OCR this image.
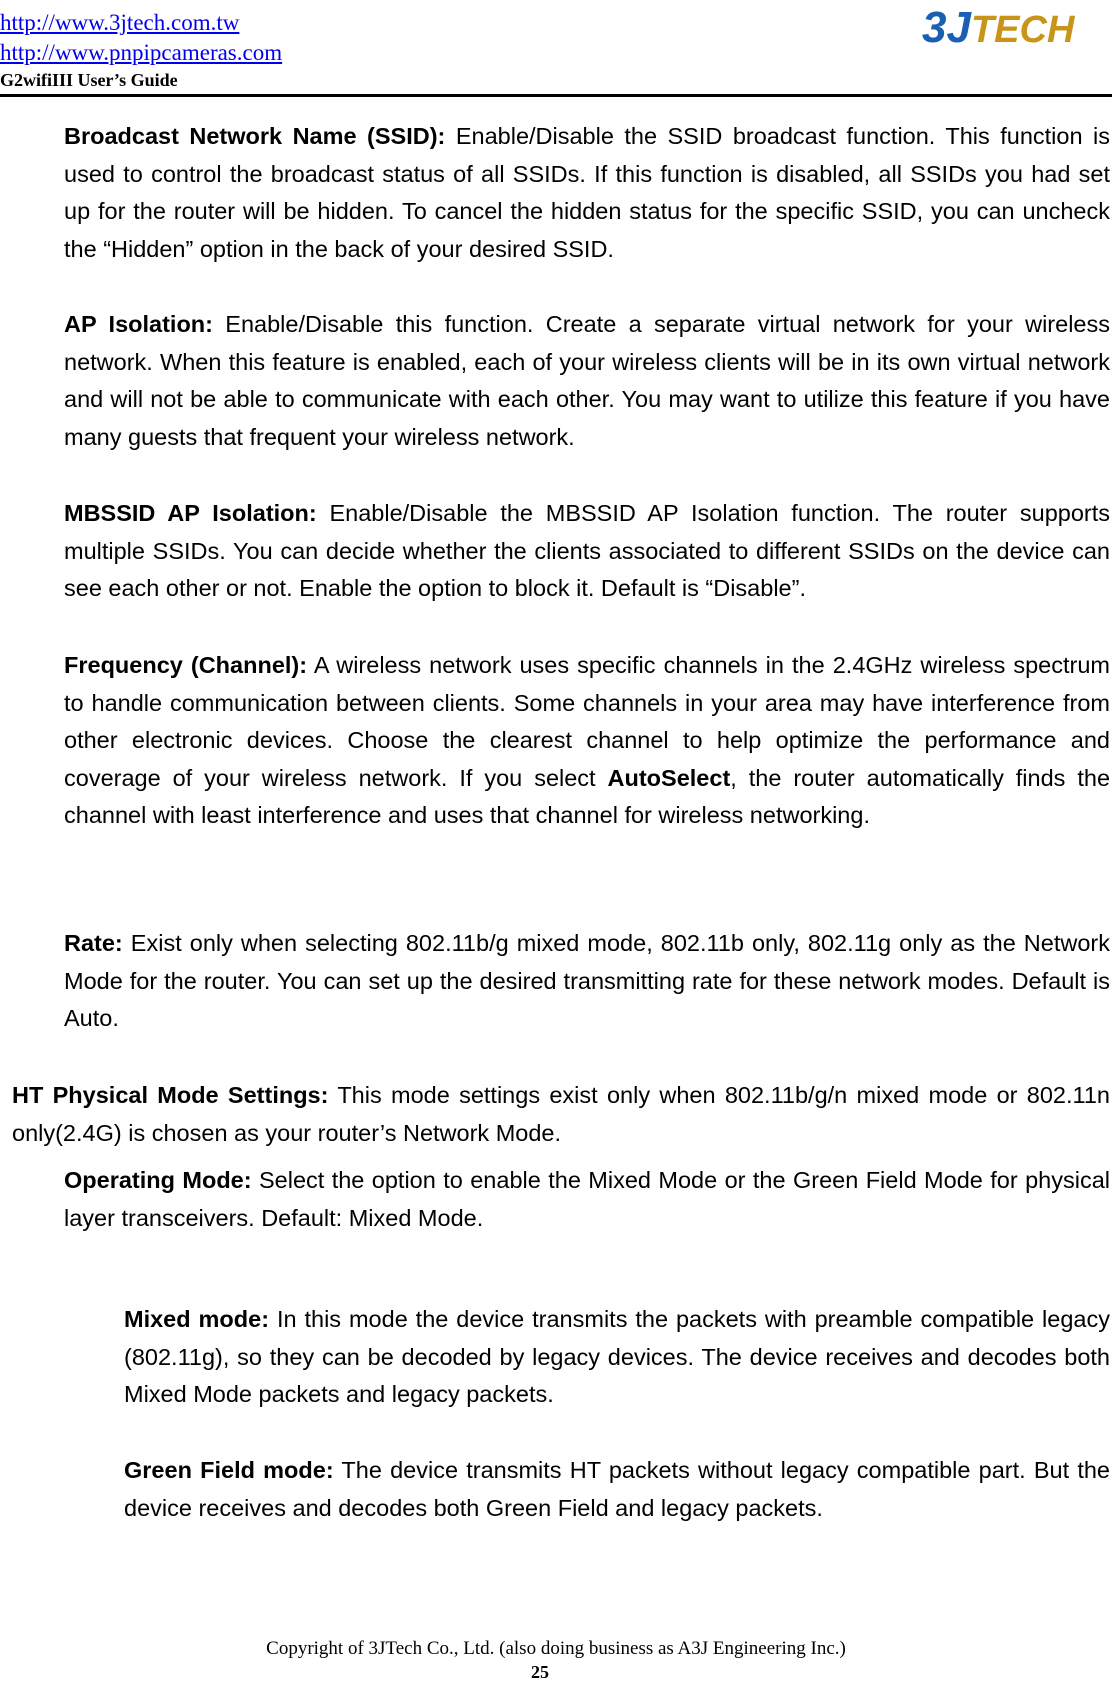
http://www.3jtech.com.tw
http://www.pnpipcameras.com
G2wifiIII User’s Guide
3JTECH

Broadcast Network Name (SSID): Enable/Disable the SSID broadcast function. This function is used to control the broadcast status of all SSIDs. If this function is disabled, all SSIDs you had set up for the router will be hidden. To cancel the hidden status for the specific SSID, you can uncheck the “Hidden” option in the back of your desired SSID.

AP Isolation: Enable/Disable this function. Create a separate virtual network for your wireless network. When this feature is enabled, each of your wireless clients will be in its own virtual network and will not be able to communicate with each other. You may want to utilize this feature if you have many guests that frequent your wireless network.

MBSSID AP Isolation: Enable/Disable the MBSSID AP Isolation function. The router supports multiple SSIDs. You can decide whether the clients associated to different SSIDs on the device can see each other or not. Enable the option to block it. Default is “Disable”.

Frequency (Channel): A wireless network uses specific channels in the 2.4GHz wireless spectrum to handle communication between clients. Some channels in your area may have interference from other electronic devices. Choose the clearest channel to help optimize the performance and coverage of your wireless network. If you select AutoSelect, the router automatically finds the channel with least interference and uses that channel for wireless networking.

Rate: Exist only when selecting 802.11b/g mixed mode, 802.11b only, 802.11g only as the Network Mode for the router. You can set up the desired transmitting rate for these network modes. Default is Auto.

HT Physical Mode Settings: This mode settings exist only when 802.11b/g/n mixed mode or 802.11n only(2.4G) is chosen as your router’s Network Mode.

Operating Mode: Select the option to enable the Mixed Mode or the Green Field Mode for physical layer transceivers. Default: Mixed Mode.

Mixed mode: In this mode the device transmits the packets with preamble compatible legacy (802.11g), so they can be decoded by legacy devices. The device receives and decodes both Mixed Mode packets and legacy packets.

Green Field mode: The device transmits HT packets without legacy compatible part. But the device receives and decodes both Green Field and legacy packets.

Copyright of 3JTech Co., Ltd. (also doing business as A3J Engineering Inc.)
25
